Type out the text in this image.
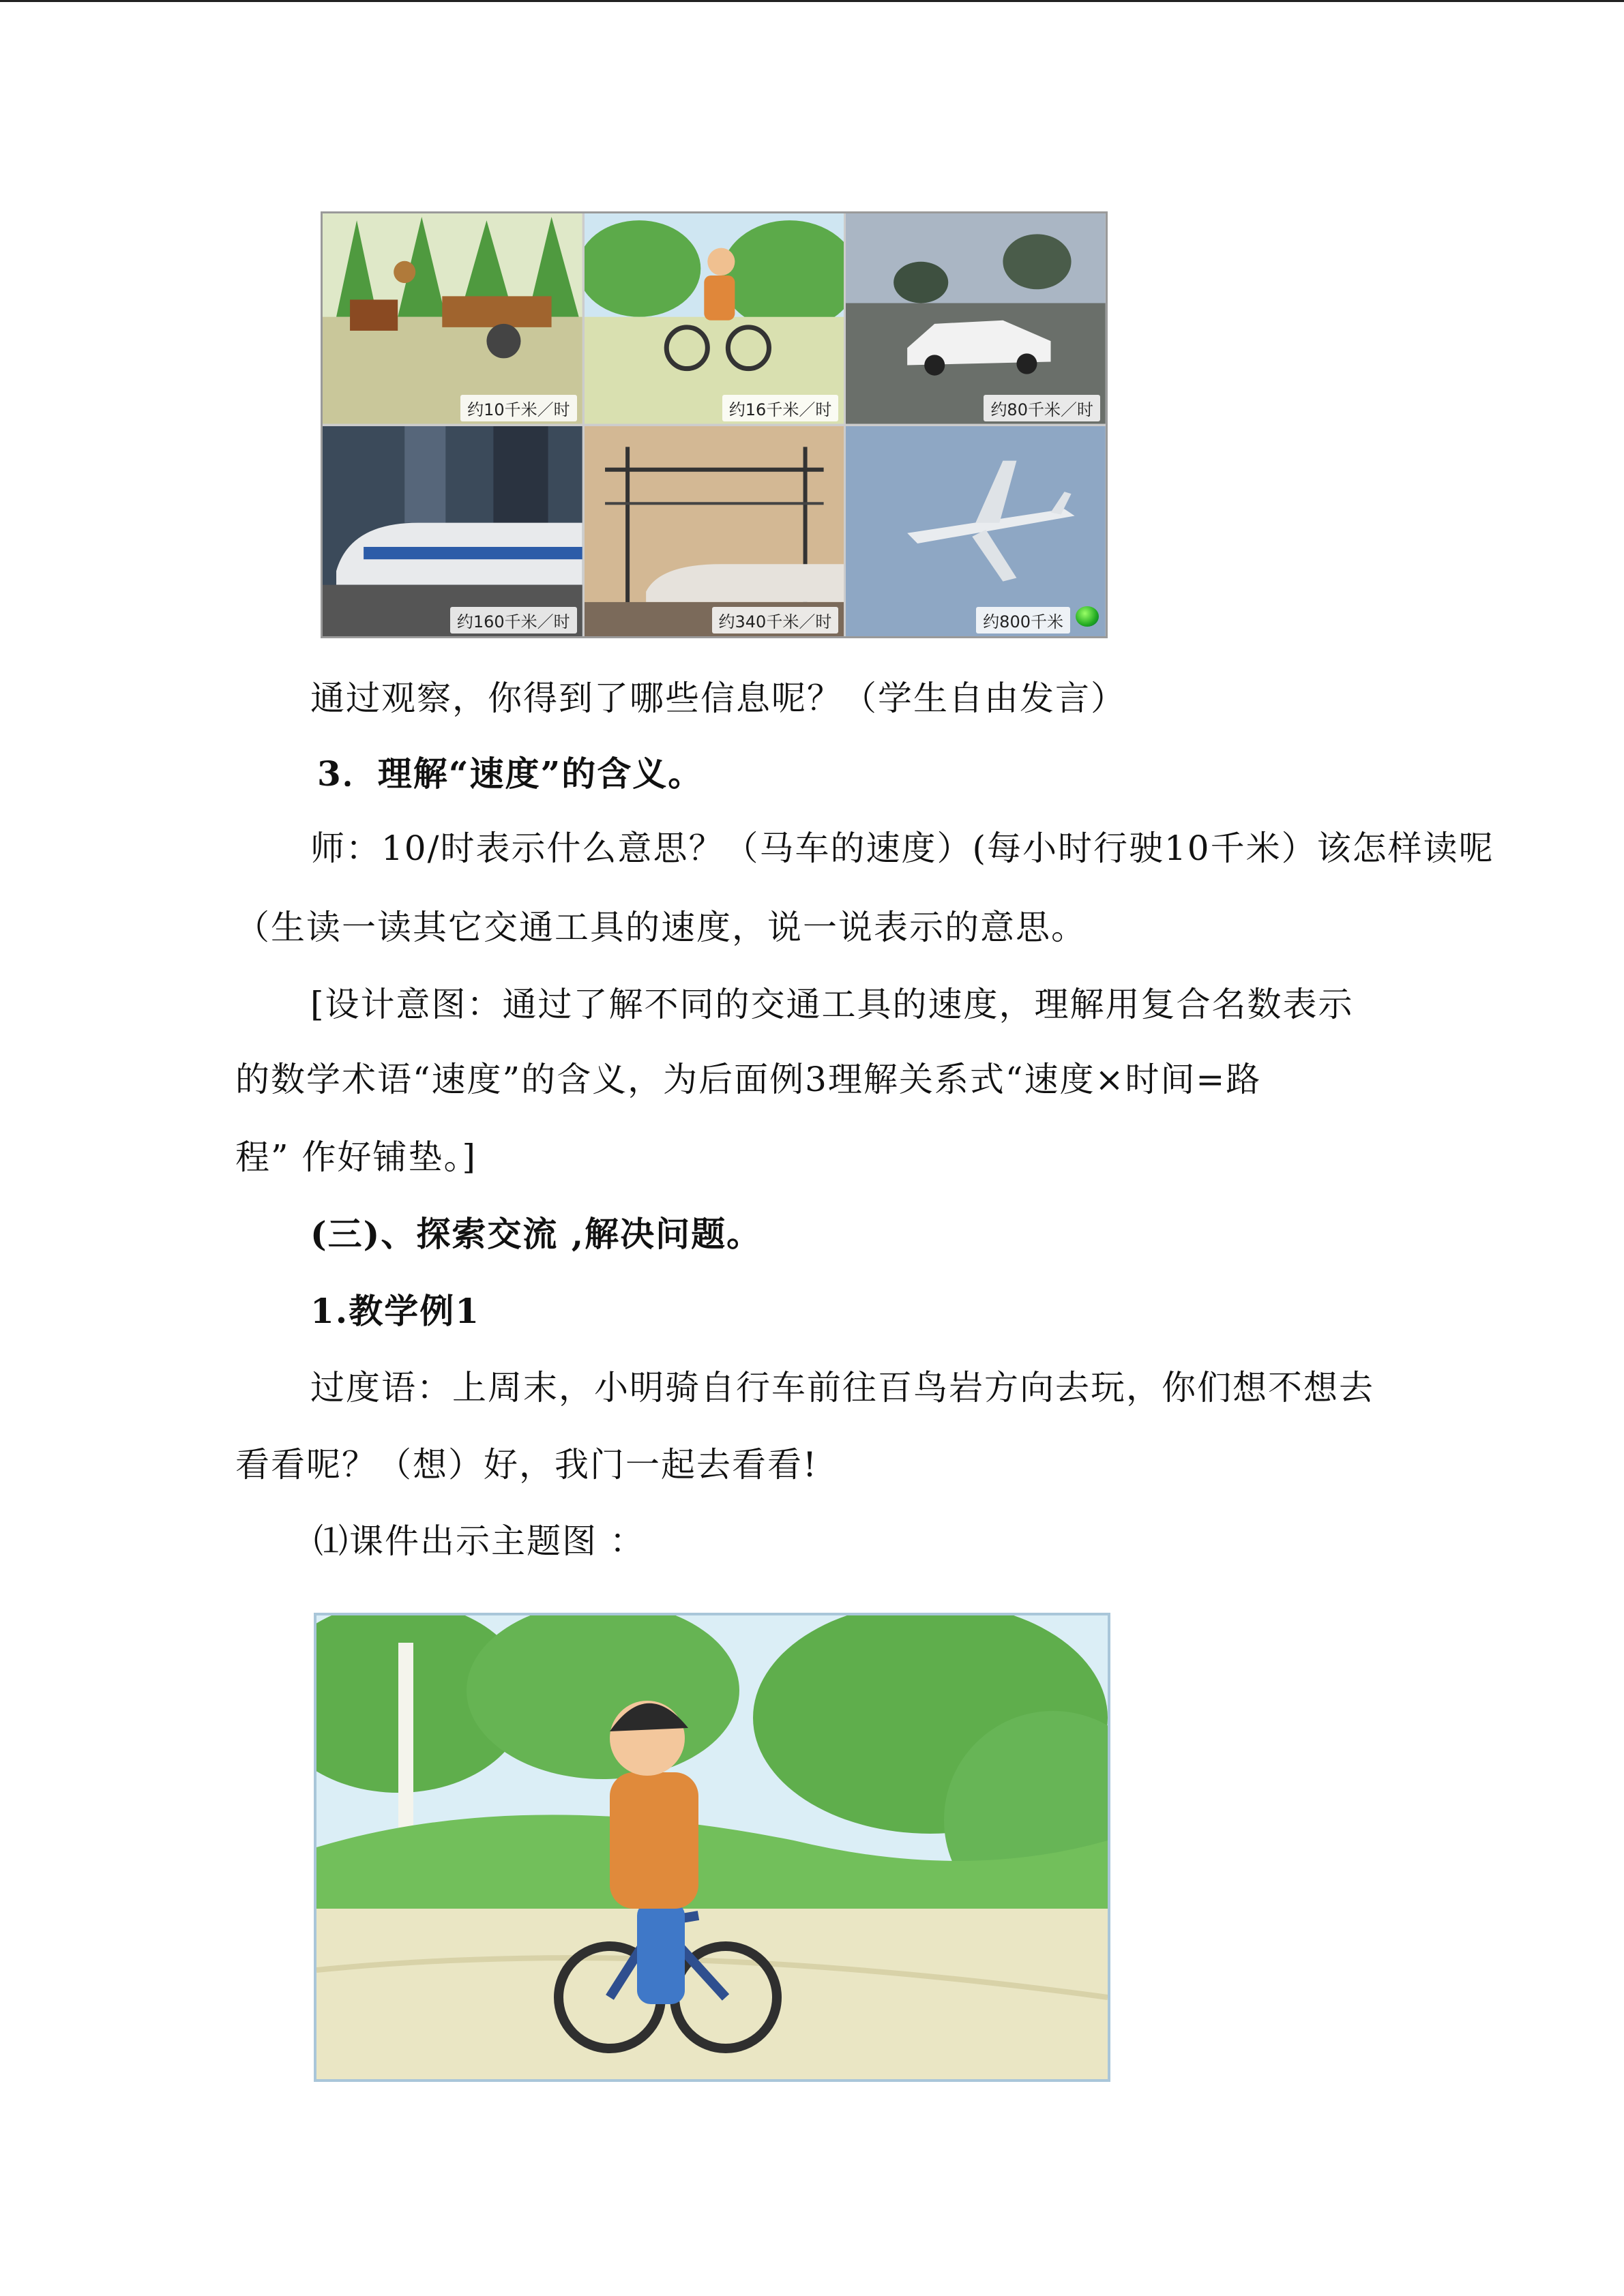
约10千米／时	约16千米／时	约80千米／时
约160千米／时	约340千米／时	约800千米
通过观察，你得到了哪些信息呢？（学生自由发言）
3．理解“速度”的含义。
师：10/时表示什么意思？（马车的速度）(每小时行驶10千米）该怎样读呢
（生读一读其它交通工具的速度，说一说表示的意思。
[设计意图：通过了解不同的交通工具的速度，理解用复合名数表示
的数学术语“速度”的含义，为后面例3理解关系式“速度×时间=路
程” 作好铺垫。]
(三)、探索交流 ,解决问题。
1.教学例1
过度语：上周末，小明骑自行车前往百鸟岩方向去玩，你们想不想去
看看呢？（想）好，我门一起去看看!
⑴课件出示主题图 ：
